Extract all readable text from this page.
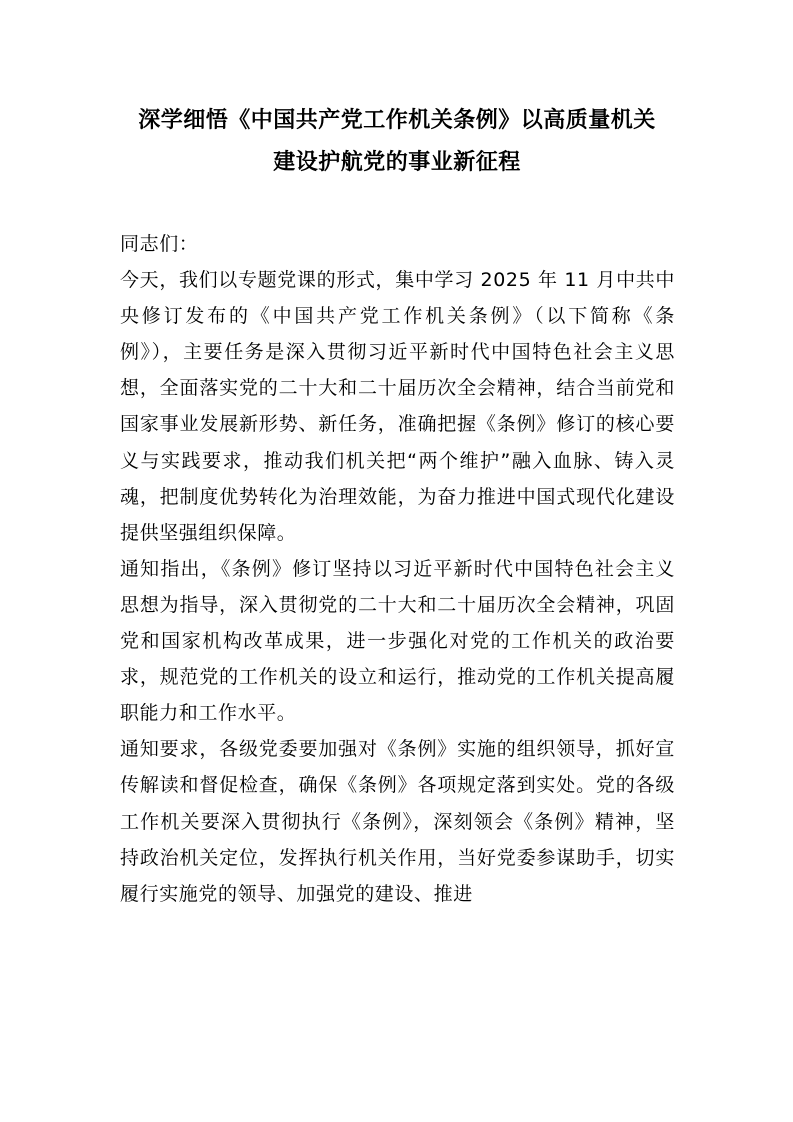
深学细悟《中国共产党工作机关条例》以高质量机关
建设护航党的事业新征程

同志们：

今天，我们以专题党课的形式，集中学习 2025 年 11 月中共中央修订发布的《中国共产党工作机关条例》（以下简称《条例》），主要任务是深入贯彻习近平新时代中国特色社会主义思想，全面落实党的二十大和二十届历次全会精神，结合当前党和国家事业发展新形势、新任务，准确把握《条例》修订的核心要义与实践要求，推动我们机关把“两个维护”融入血脉、铸入灵魂，把制度优势转化为治理效能，为奋力推进中国式现代化建设提供坚强组织保障。

通知指出，《条例》修订坚持以习近平新时代中国特色社会主义思想为指导，深入贯彻党的二十大和二十届历次全会精神，巩固党和国家机构改革成果，进一步强化对党的工作机关的政治要求，规范党的工作机关的设立和运行，推动党的工作机关提高履职能力和工作水平。

通知要求，各级党委要加强对《条例》实施的组织领导，抓好宣传解读和督促检查，确保《条例》各项规定落到实处。党的各级工作机关要深入贯彻执行《条例》，深刻领会《条例》精神，坚持政治机关定位，发挥执行机关作用，当好党委参谋助手，切实履行实施党的领导、加强党的建设、推进
